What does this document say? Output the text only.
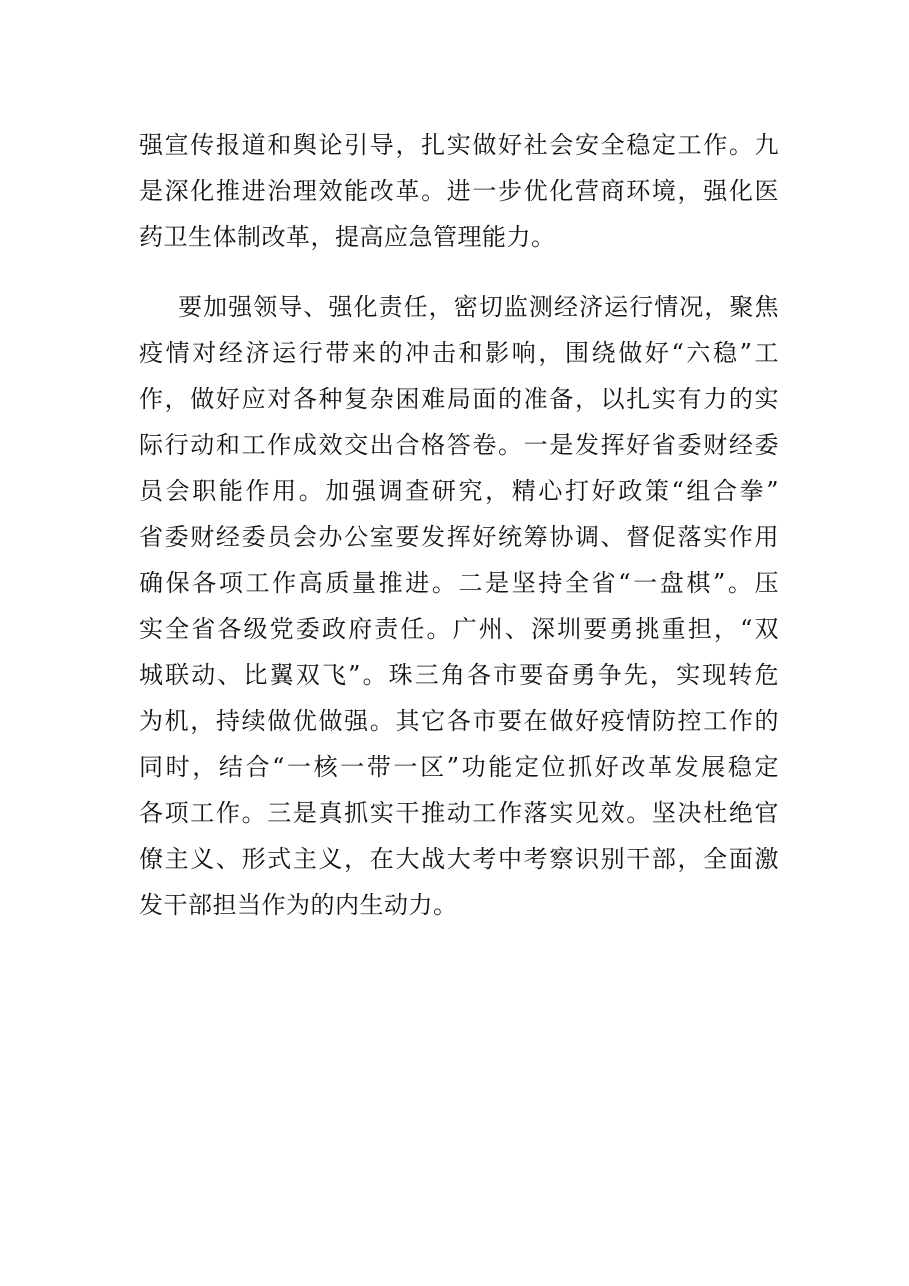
强宣传报道和舆论引导，扎实做好社会安全稳定工作。九
是深化推进治理效能改革。进一步优化营商环境，强化医
药卫生体制改革，提高应急管理能力。
要加强领导、强化责任，密切监测经济运行情况，聚焦
疫情对经济运行带来的冲击和影响，围绕做好“六稳”工
作，做好应对各种复杂困难局面的准备，以扎实有力的实
际行动和工作成效交出合格答卷。一是发挥好省委财经委
员会职能作用。加强调查研究，精心打好政策“组合拳”
省委财经委员会办公室要发挥好统筹协调、督促落实作用
确保各项工作高质量推进。二是坚持全省“一盘棋”。压
实全省各级党委政府责任。广州、深圳要勇挑重担，“双
城联动、比翼双飞”。珠三角各市要奋勇争先，实现转危
为机，持续做优做强。其它各市要在做好疫情防控工作的
同时，结合“一核一带一区”功能定位抓好改革发展稳定
各项工作。三是真抓实干推动工作落实见效。坚决杜绝官
僚主义、形式主义，在大战大考中考察识别干部，全面激
发干部担当作为的内生动力。
